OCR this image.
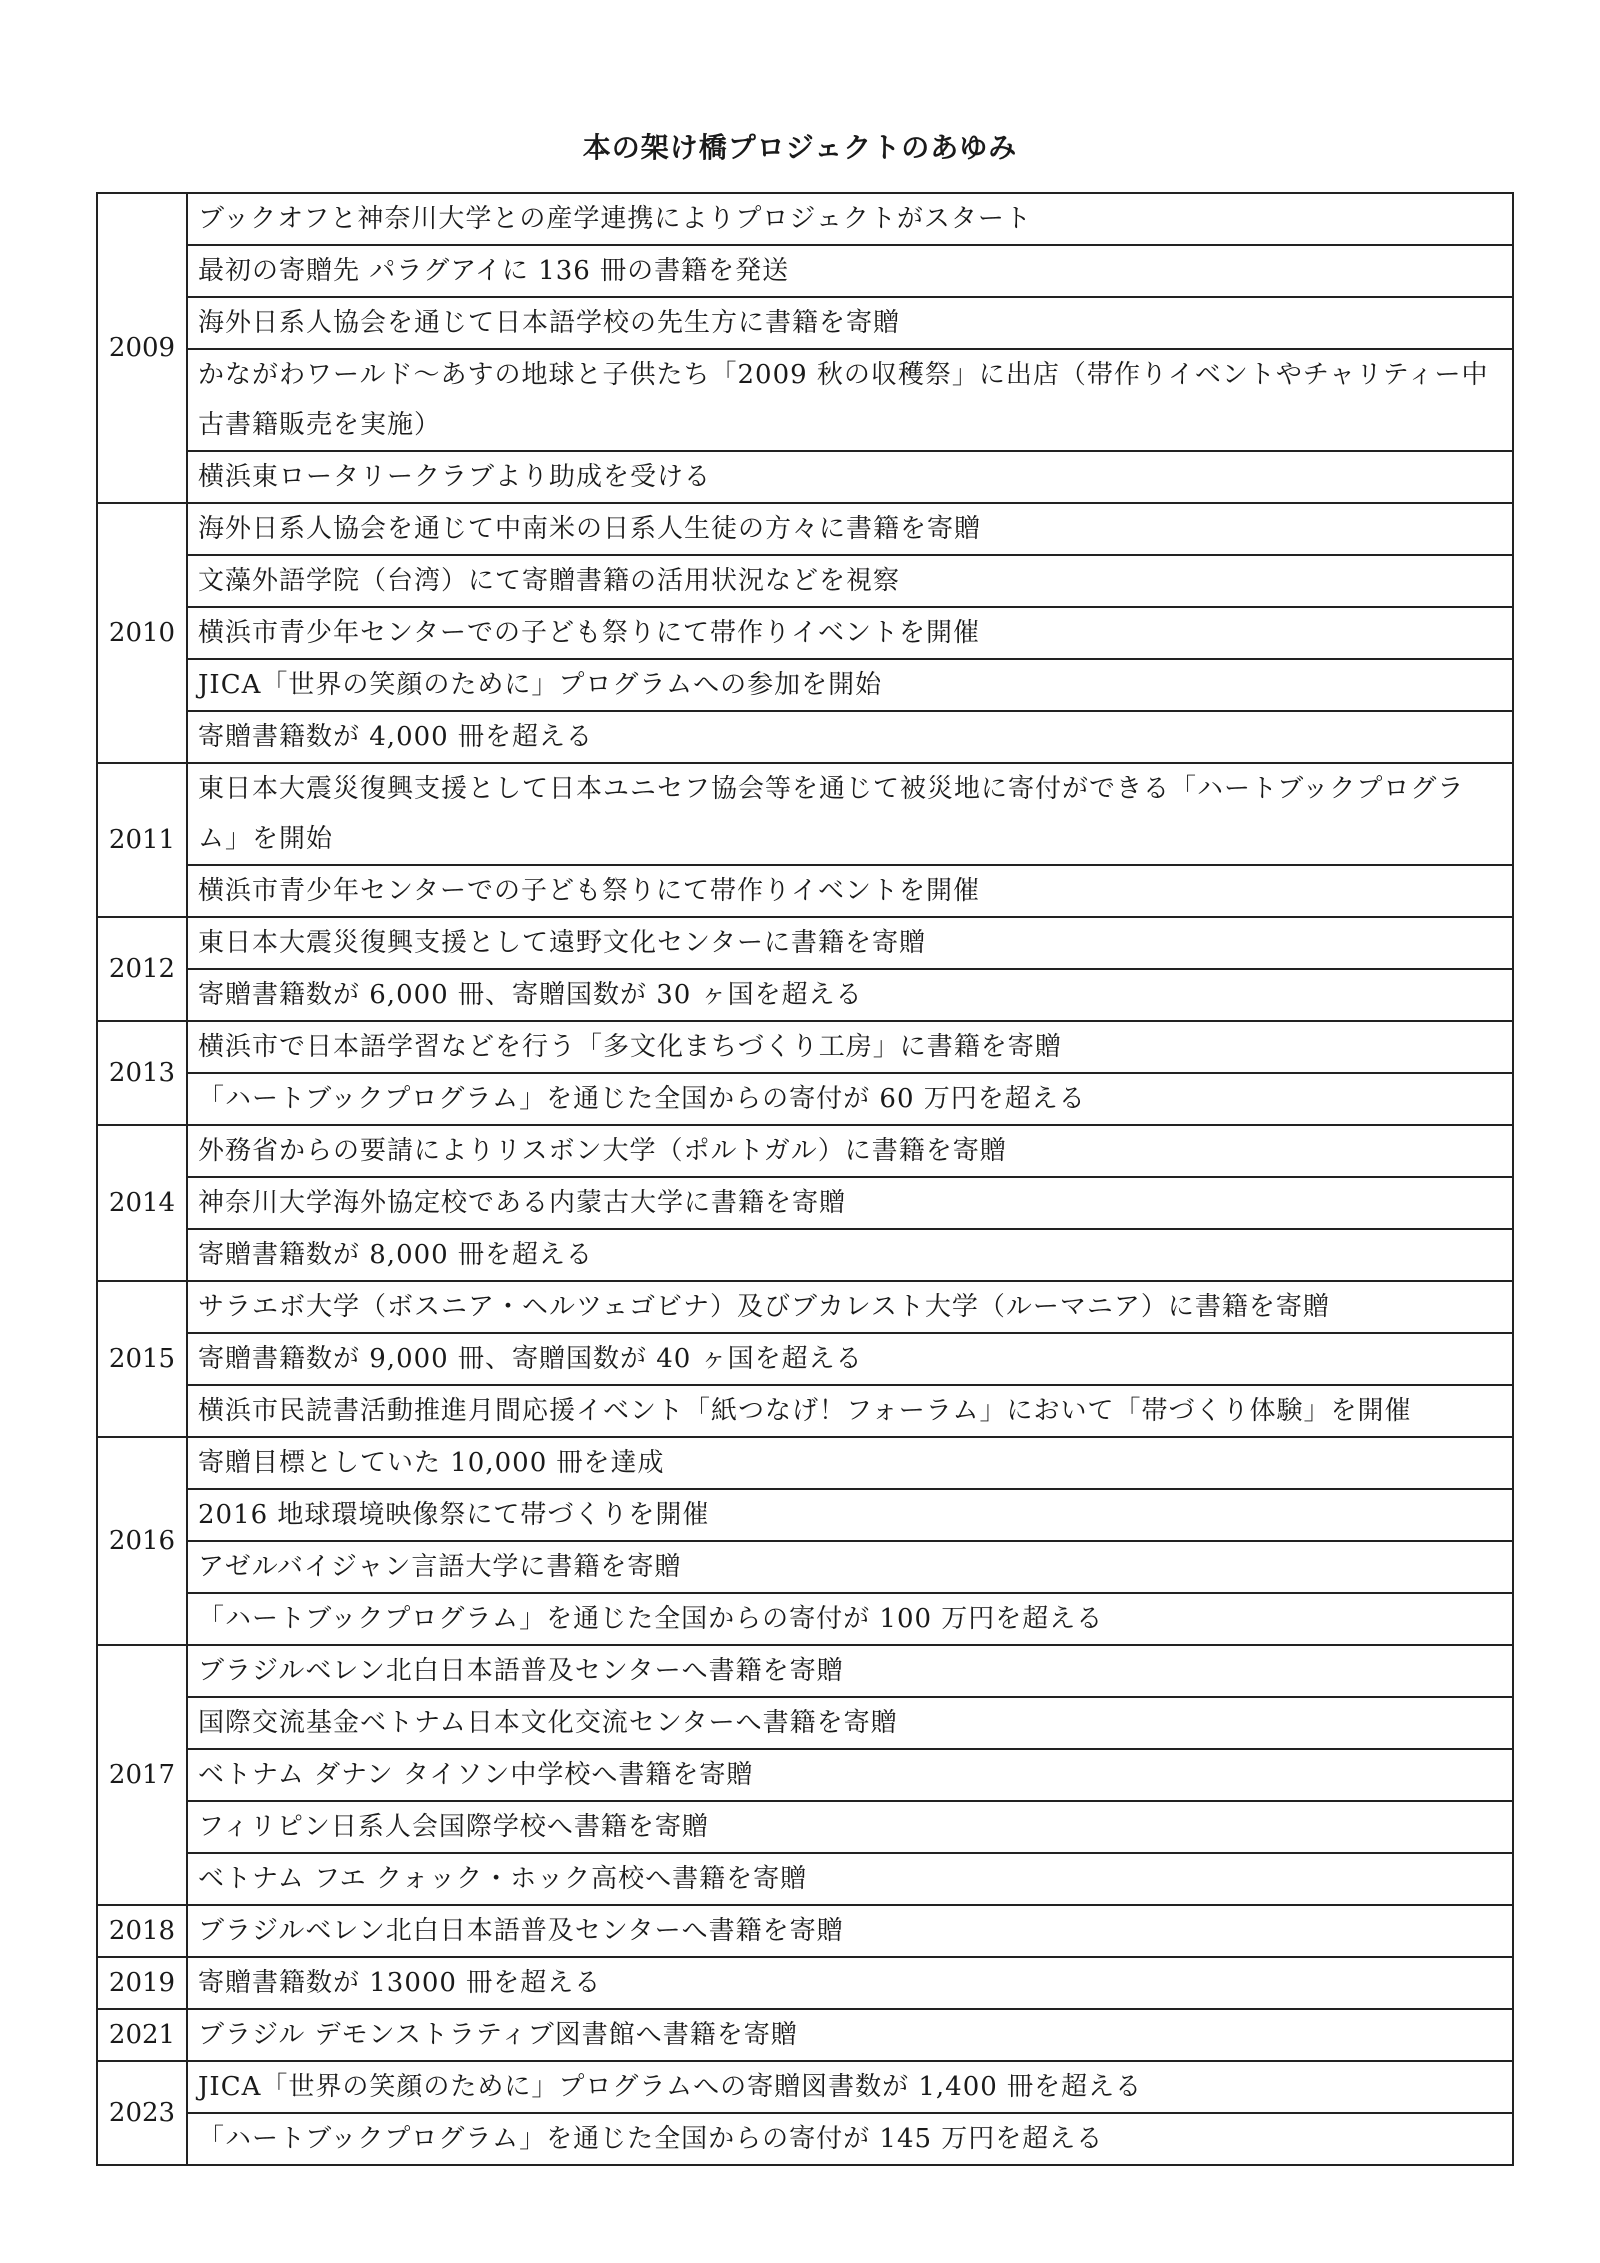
本の架け橋プロジェクトのあゆみ
2009	ブックオフと神奈川大学との産学連携によりプロジェクトがスタート
	最初の寄贈先 パラグアイに 136 冊の書籍を発送
	海外日系人協会を通じて日本語学校の先生方に書籍を寄贈
	かながわワールド～あすの地球と子供たち「2009 秋の収穫祭」に出店（帯作りイベントやチャリティー中古書籍販売を実施）
	横浜東ロータリークラブより助成を受ける
2010	海外日系人協会を通じて中南米の日系人生徒の方々に書籍を寄贈
	文藻外語学院（台湾）にて寄贈書籍の活用状況などを視察
	横浜市青少年センターでの子ども祭りにて帯作りイベントを開催
	JICA「世界の笑顔のために」プログラムへの参加を開始
	寄贈書籍数が 4,000 冊を超える
2011	東日本大震災復興支援として日本ユニセフ協会等を通じて被災地に寄付ができる「ハートブックプログラム」を開始
	横浜市青少年センターでの子ども祭りにて帯作りイベントを開催
2012	東日本大震災復興支援として遠野文化センターに書籍を寄贈
	寄贈書籍数が 6,000 冊、寄贈国数が 30 ヶ国を超える
2013	横浜市で日本語学習などを行う「多文化まちづくり工房」に書籍を寄贈
	「ハートブックプログラム」を通じた全国からの寄付が 60 万円を超える
2014	外務省からの要請によりリスボン大学（ポルトガル）に書籍を寄贈
	神奈川大学海外協定校である内蒙古大学に書籍を寄贈
	寄贈書籍数が 8,000 冊を超える
2015	サラエボ大学（ボスニア・ヘルツェゴビナ）及びブカレスト大学（ルーマニア）に書籍を寄贈
	寄贈書籍数が 9,000 冊、寄贈国数が 40 ヶ国を超える
	横浜市民読書活動推進月間応援イベント「紙つなげ！フォーラム」において「帯づくり体験」を開催
2016	寄贈目標としていた 10,000 冊を達成
	2016 地球環境映像祭にて帯づくりを開催
	アゼルバイジャン言語大学に書籍を寄贈
	「ハートブックプログラム」を通じた全国からの寄付が 100 万円を超える
2017	ブラジルベレン北白日本語普及センターへ書籍を寄贈
	国際交流基金ベトナム日本文化交流センターへ書籍を寄贈
	ベトナム ダナン タイソン中学校へ書籍を寄贈
	フィリピン日系人会国際学校へ書籍を寄贈
	ベトナム フエ クォック・ホック高校へ書籍を寄贈
2018	ブラジルベレン北白日本語普及センターへ書籍を寄贈
2019	寄贈書籍数が 13000 冊を超える
2021	ブラジル デモンストラティブ図書館へ書籍を寄贈
2023	JICA「世界の笑顔のために」プログラムへの寄贈図書数が 1,400 冊を超える
	「ハートブックプログラム」を通じた全国からの寄付が 145 万円を超える
